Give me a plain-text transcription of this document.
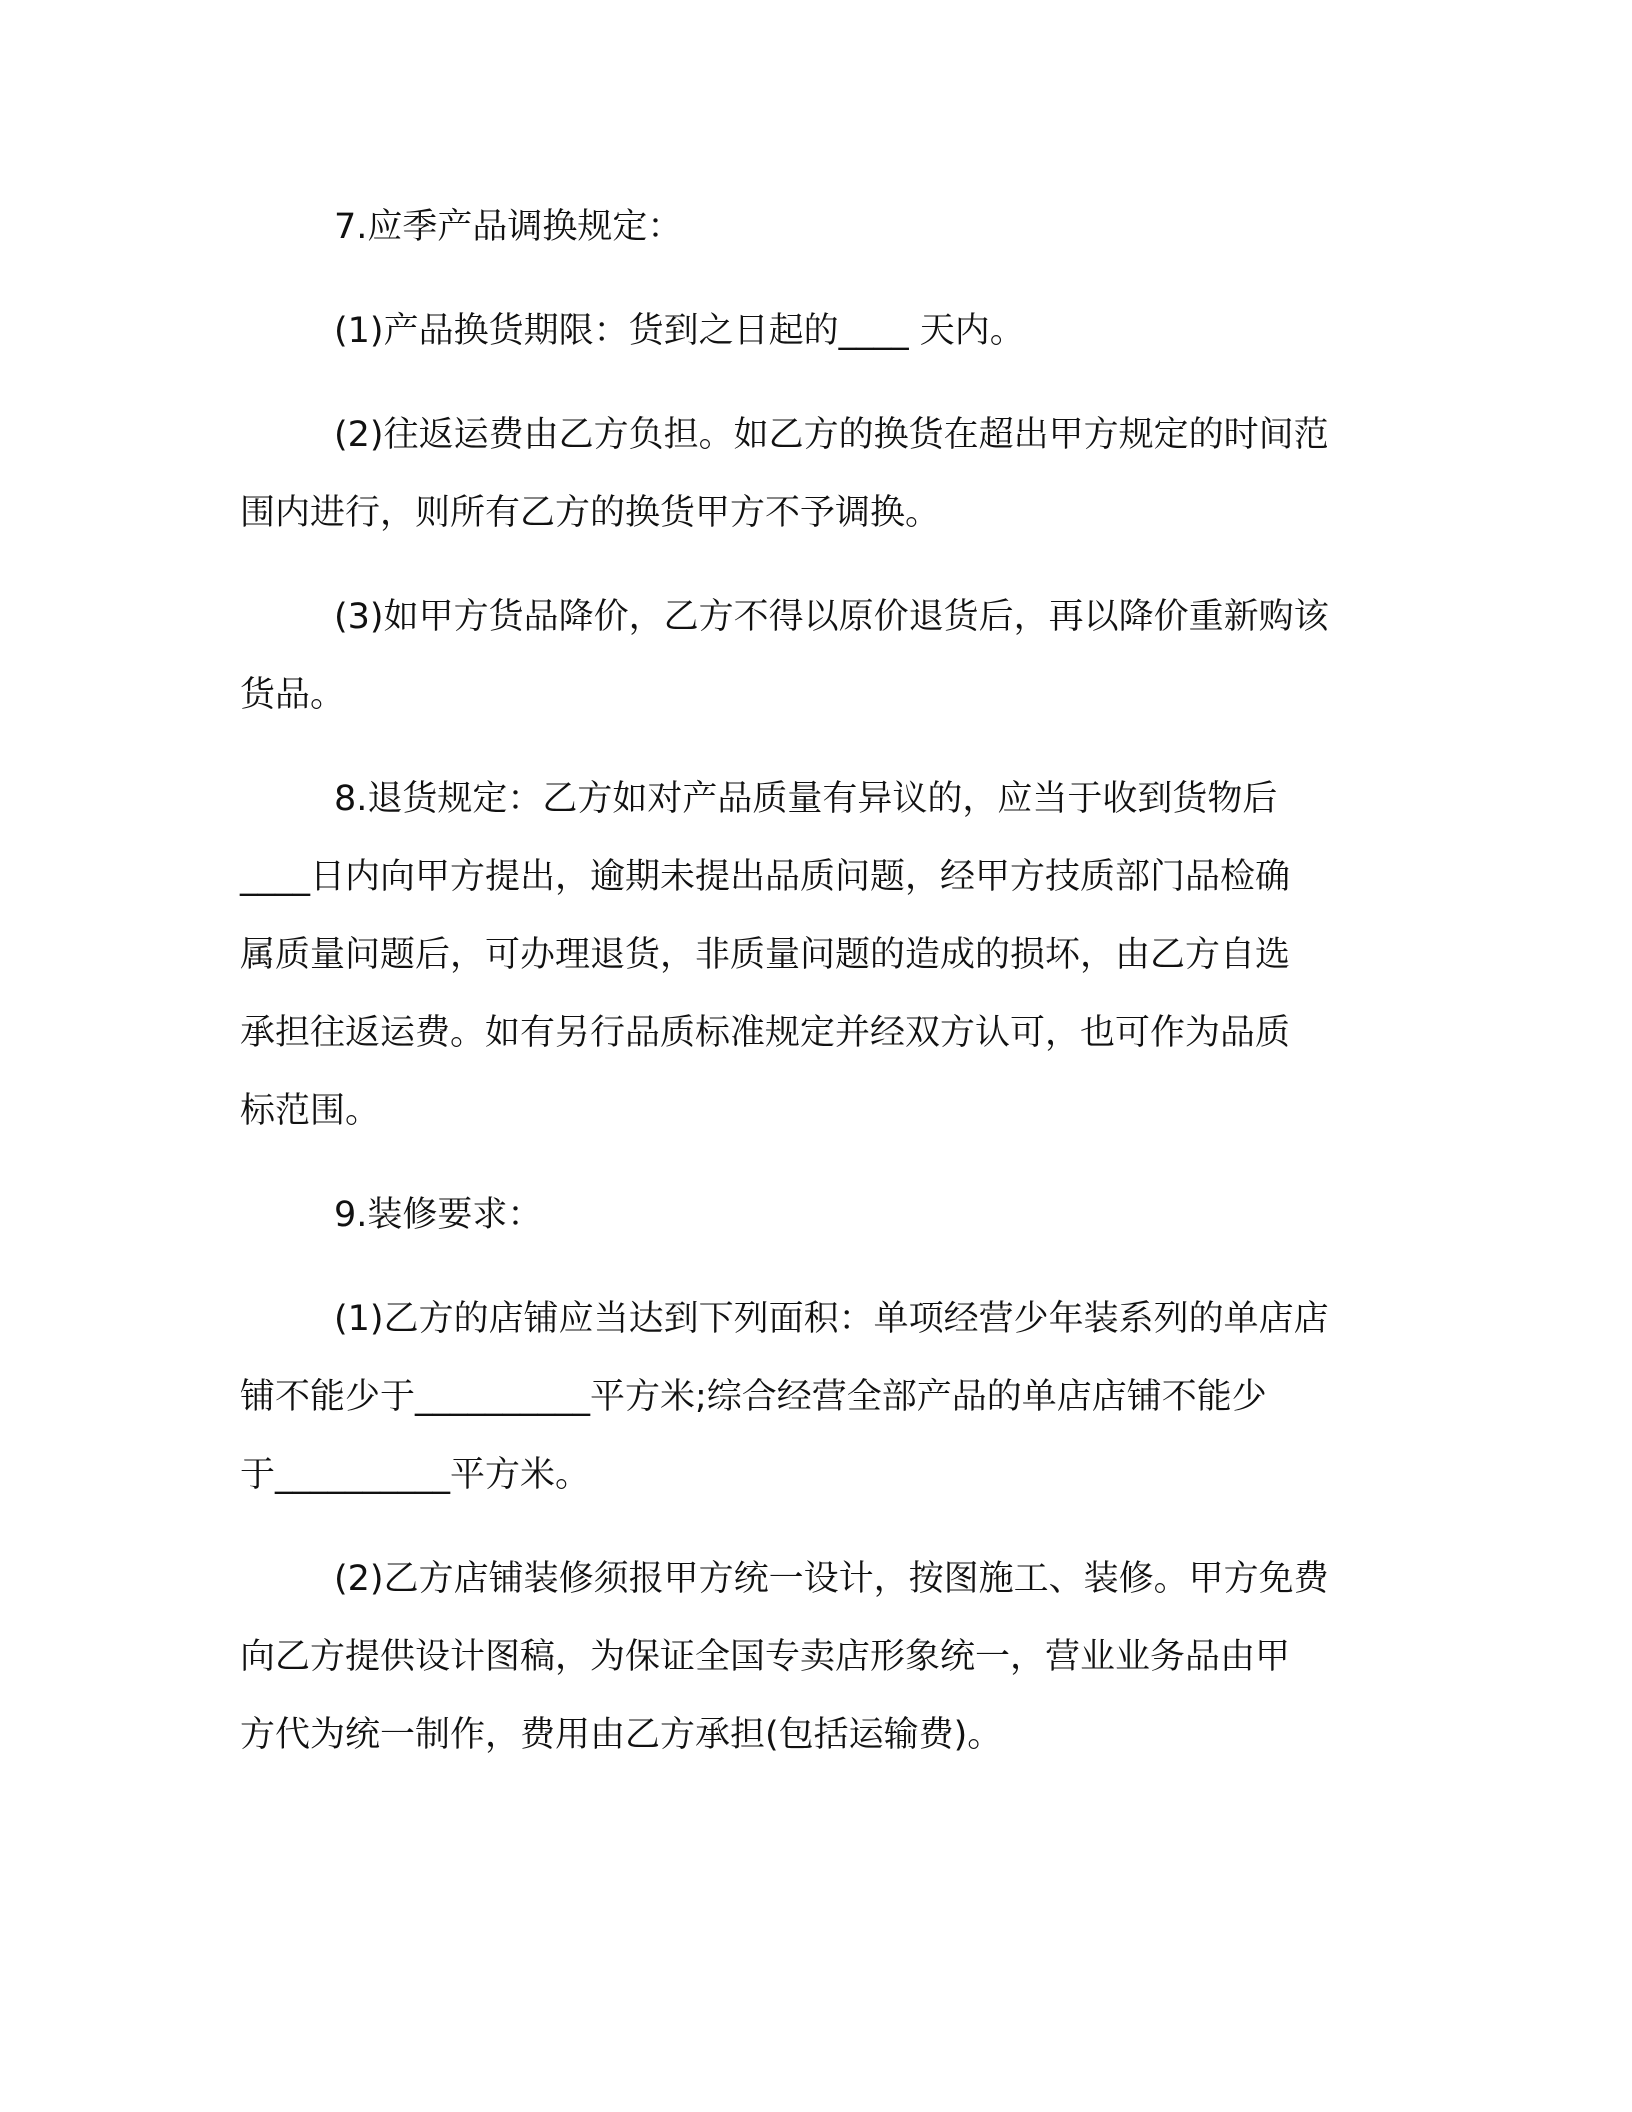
7.应季产品调换规定：

(1)产品换货期限：货到之日起的____ 天内。

(2)往返运费由乙方负担。如乙方的换货在超出甲方规定的时间范
围内进行，则所有乙方的换货甲方不予调换。

(3)如甲方货品降价，乙方不得以原价退货后，再以降价重新购该
货品。

8.退货规定：乙方如对产品质量有异议的，应当于收到货物后
____日内向甲方提出，逾期未提出品质问题，经甲方技质部门品检确
属质量问题后，可办理退货，非质量问题的造成的损坏，由乙方自选
承担往返运费。如有另行品质标准规定并经双方认可，也可作为品质
标范围。

9.装修要求：

(1)乙方的店铺应当达到下列面积：单项经营少年装系列的单店店
铺不能少于__________平方米;综合经营全部产品的单店店铺不能少
于__________平方米。

(2)乙方店铺装修须报甲方统一设计，按图施工、装修。甲方免费
向乙方提供设计图稿，为保证全国专卖店形象统一，营业业务品由甲
方代为统一制作，费用由乙方承担(包括运输费)。
